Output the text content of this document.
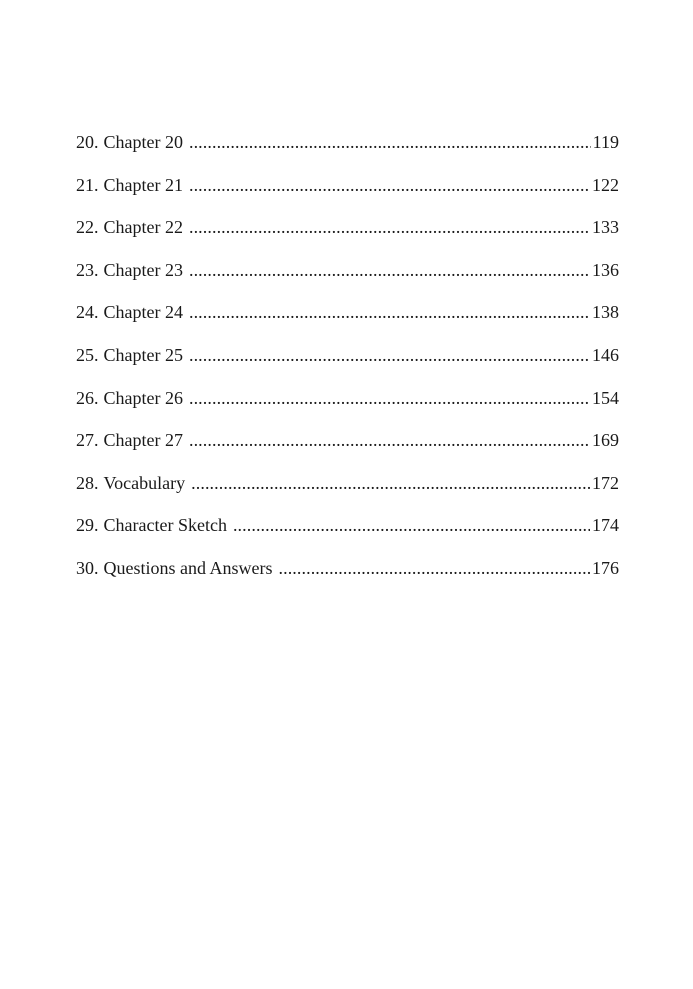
20. Chapter 20 . . .	119
21. Chapter 21 . . .	122
22. Chapter 22 . . .	133
23. Chapter 23 . . .	136
24. Chapter 24 . . .	138
25. Chapter 25 . . .	146
26. Chapter 26 . . .	154
27. Chapter 27 . . .	169
28. Vocabulary . . .	172
29. Character Sketch . . .	174
30. Questions and Answers . . .	176
